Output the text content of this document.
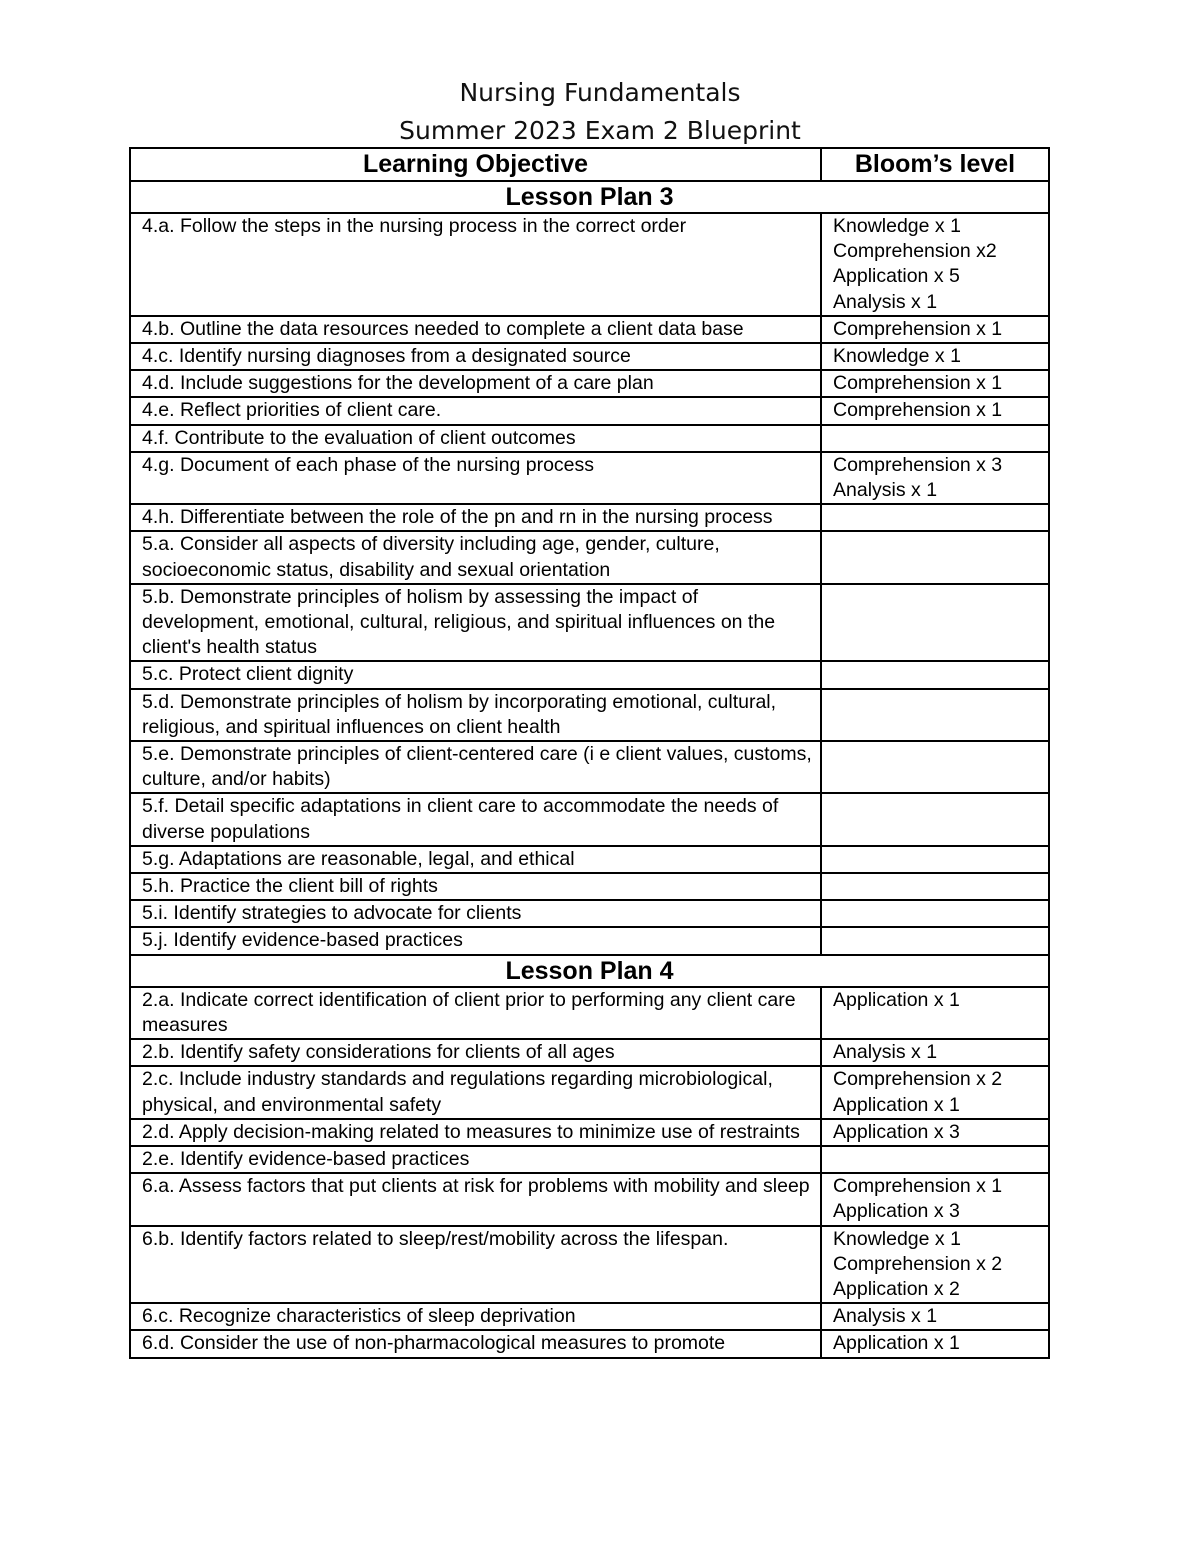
Nursing Fundamentals
Summer 2023 Exam 2 Blueprint
Learning Objective	Bloom’s level
Lesson Plan 3	
4.a. Follow the steps in the nursing process in the correct order	Knowledge x 1
Comprehension x2
Application x 5
Analysis x 1

4.b. Outline the data resources needed to complete a client data base	Comprehension x 1

4.c. Identify nursing diagnoses from a designated source	Knowledge x 1

4.d. Include suggestions for the development of a care plan	Comprehension x 1

4.e. Reflect priorities of client care.	Comprehension x 1

4.f. Contribute to the evaluation of client outcomes	
4.g. Document of each phase of the nursing process	Comprehension x 3
Analysis x 1

4.h. Differentiate between the role of the pn and rn in the nursing process	
5.a. Consider all aspects of diversity including age, gender, culture, socioeconomic status, disability and sexual orientation	
5.b. Demonstrate principles of holism by assessing the impact of development, emotional, cultural, religious, and spiritual influences on the client's health status	
5.c. Protect client dignity	
5.d. Demonstrate principles of holism by incorporating emotional, cultural, religious, and spiritual influences on client health	
5.e. Demonstrate principles of client-centered care (i e client values, customs, culture, and/or habits)	
5.f. Detail specific adaptations in client care to accommodate the needs of diverse populations	
5.g. Adaptations are reasonable, legal, and ethical	
5.h. Practice the client bill of rights	
5.i. Identify strategies to advocate for clients	
5.j. Identify evidence-based practices	
Lesson Plan 4	
2.a. Indicate correct identification of client prior to performing any client care measures	Application x 1

2.b. Identify safety considerations for clients of all ages	Analysis x 1

2.c. Include industry standards and regulations regarding microbiological, physical, and environmental safety	Comprehension x 2
Application x 1

2.d. Apply decision-making related to measures to minimize use of restraints	Application x 3

2.e. Identify evidence-based practices	
6.a. Assess factors that put clients at risk for problems with mobility and sleep	Comprehension x 1
Application x 3

6.b. Identify factors related to sleep/rest/mobility across the lifespan.	Knowledge x 1
Comprehension x 2
Application x 2

6.c. Recognize characteristics of sleep deprivation	Analysis x 1

6.d. Consider the use of non-pharmacological measures to promote	Application x 1
